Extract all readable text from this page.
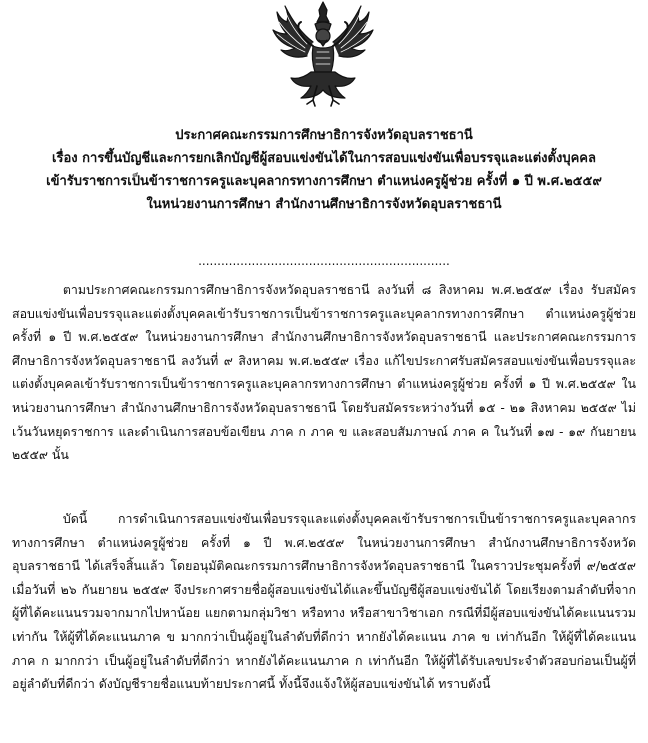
ประกาศคณะกรรมการศึกษาธิการจังหวัดอุบลราชธานี
เรื่อง การขึ้นบัญชีและการยกเลิกบัญชีผู้สอบแข่งขันได้ในการสอบแข่งขันเพื่อบรรจุและแต่งตั้งบุคคล
เข้ารับราชการเป็นข้าราชการครูและบุคลากรทางการศึกษา ตำแหน่งครูผู้ช่วย ครั้งที่ ๑ ปี พ.ศ.๒๕๕๙
ในหน่วยงานการศึกษา สำนักงานศึกษาธิการจังหวัดอุบลราชธานี
..................................................................

ตามประกาศคณะกรรมการศึกษาธิการจังหวัดอุบลราชธานี ลงวันที่ ๘ สิงหาคม พ.ศ.๒๕๕๙ เรื่อง รับสมัครสอบแข่งขันเพื่อบรรจุและแต่งตั้งบุคคลเข้ารับราชการเป็นข้าราชการครูและบุคลากรทางการศึกษา ตำแหน่งครูผู้ช่วย ครั้งที่ ๑ ปี พ.ศ.๒๕๕๙ ในหน่วยงานการศึกษา สำนักงานศึกษาธิการจังหวัดอุบลราชธานี และประกาศคณะกรรมการศึกษาธิการจังหวัดอุบลราชธานี ลงวันที่ ๙ สิงหาคม พ.ศ.๒๕๕๙ เรื่อง แก้ไขประกาศรับสมัครสอบแข่งขันเพื่อบรรจุและแต่งตั้งบุคคลเข้ารับราชการเป็นข้าราชการครูและบุคลากรทางการศึกษา ตำแหน่งครูผู้ช่วย ครั้งที่ ๑ ปี พ.ศ.๒๕๕๙ ในหน่วยงานการศึกษา สำนักงานศึกษาธิการจังหวัดอุบลราชธานี โดยรับสมัครระหว่างวันที่ ๑๕ - ๒๑ สิงหาคม ๒๕๕๙ ไม่เว้นวันหยุดราชการ และดำเนินการสอบข้อเขียน ภาค ก ภาค ข และสอบสัมภาษณ์ ภาค ค ในวันที่ ๑๗ - ๑๙ กันยายน ๒๕๕๙ นั้น

บัดนี้ การดำเนินการสอบแข่งขันเพื่อบรรจุและแต่งตั้งบุคคลเข้ารับราชการเป็นข้าราชการครูและบุคลากรทางการศึกษา ตำแหน่งครูผู้ช่วย ครั้งที่ ๑ ปี พ.ศ.๒๕๕๙ ในหน่วยงานการศึกษา สำนักงานศึกษาธิการจังหวัดอุบลราชธานี ได้เสร็จสิ้นแล้ว โดยอนุมัติคณะกรรมการศึกษาธิการจังหวัดอุบลราชธานี ในคราวประชุมครั้งที่ ๙/๒๕๕๙ เมื่อวันที่ ๒๖ กันยายน ๒๕๕๙ จึงประกาศรายชื่อผู้สอบแข่งขันได้และขึ้นบัญชีผู้สอบแข่งขันได้ โดยเรียงตามลำดับที่จากผู้ที่ได้คะแนนรวมจากมากไปหาน้อย แยกตามกลุ่มวิชา หรือทาง หรือสาขาวิชาเอก กรณีที่มีผู้สอบแข่งขันได้คะแนนรวมเท่ากัน ให้ผู้ที่ได้คะแนนภาค ข มากกว่าเป็นผู้อยู่ในลำดับที่ดีกว่า หากยังได้คะแนน ภาค ข เท่ากันอีก ให้ผู้ที่ได้คะแนน ภาค ก มากกว่า เป็นผู้อยู่ในลำดับที่ดีกว่า หากยังได้คะแนนภาค ก เท่ากันอีก ให้ผู้ที่ได้รับเลขประจำตัวสอบก่อนเป็นผู้ที่อยู่ลำดับที่ดีกว่า ดังบัญชีรายชื่อแนบท้ายประกาศนี้ ทั้งนี้จึงแจ้งให้ผู้สอบแข่งขันได้ ทราบดังนี้
